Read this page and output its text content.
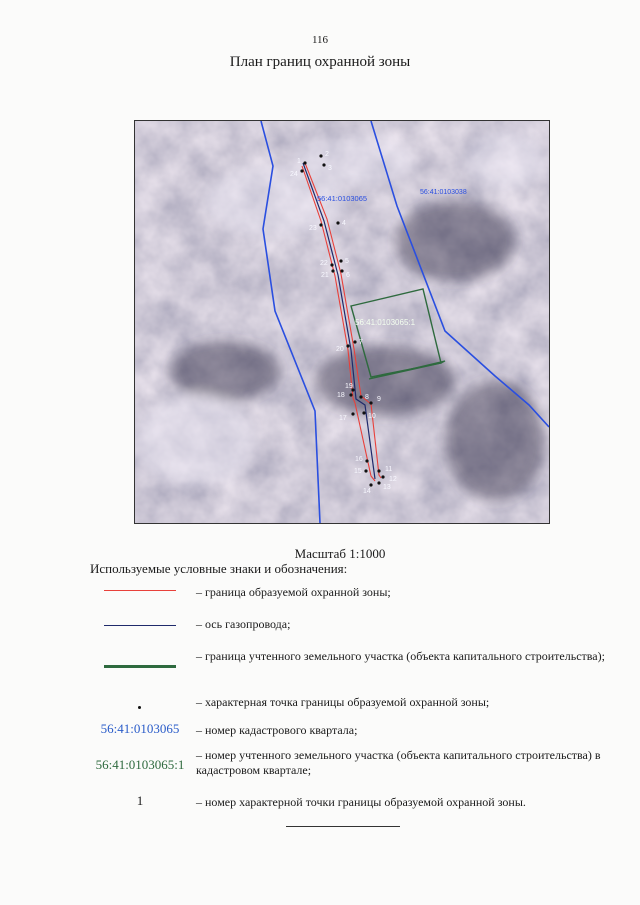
116
План границ охранной зоны
56:41:0103065
56:41:0103038
56:41:0103065:1
1
2
3
4
5
6
7
8 9
10
11
12
13
14
15
16
17
18
19
20
21
22
23
24
Масштаб 1:1000
Используемые условные знаки и обозначения:
– граница образуемой охранной зоны;
– ось газопровода;
– граница учтенного земельного участка (объекта капитального строительства);
– характерная точка границы образуемой охранной зоны;
56:41:0103065	– номер кадастрового квартала;
56:41:0103065:1
– номер учтенного земельного участка (объекта капитального строительства) в кадастровом квартале;
1	– номер характерной точки границы образуемой охранной зоны.
